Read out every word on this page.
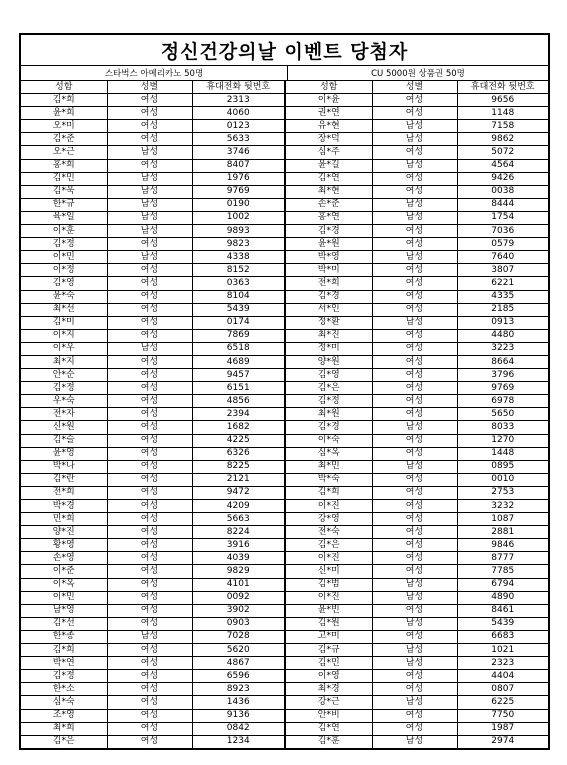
정신건강의날 이벤트 당첨자
스타벅스 아메리카노 50명	CU 5000원 상품권 50명
성함	성별	휴대전화 뒷번호	성함	성별	휴대전화 뒷번호
김*희	여성	2313	이*윤	여성	9656
윤*희	여성	4060	권*연	여성	1148
오*미	여성	0123	유*현	남성	7158
김*준	여성	5633	장*덕	남성	9862
오*근	남성	3746	심*주	여성	5072
홍*희	여성	8407	윤*길	남성	4564
김*민	남성	1976	김*연	여성	9426
김*욱	남성	9769	최*현	여성	0038
한*규	남성	0190	손*준	남성	8444
육*일	남성	1002	홍*연	남성	1754
이*훈	남성	9893	김*경	여성	7036
김*정	여성	9823	윤*원	여성	0579
이*민	남성	4338	박*영	남성	7640
이*정	여성	8152	박*미	여성	3807
김*영	여성	0363	전*희	여성	6221
윤*숙	여성	8104	김*경	여성	4335
최*선	여성	5439	서*인	여성	2185
김*미	여성	0174	정*환	남성	0913
이*지	여성	7869	최*진	여성	4480
이*우	남성	6518	정*미	여성	3223
최*지	여성	4689	양*원	여성	8664
안*순	여성	9457	김*영	여성	3796
김*정	여성	6151	김*은	여성	9769
우*숙	여성	4856	김*정	여성	6978
전*자	여성	2394	최*원	여성	5650
신*원	여성	1682	김*경	남성	8033
김*슬	여성	4225	이*숙	여성	1270
윤*영	여성	6326	심*옥	여성	1448
박*나	여성	8225	최*민	남성	0895
김*란	여성	2121	박*숙	여성	0010
전*희	여성	9472	김*희	여성	2753
박*경	여성	4209	이*진	여성	3232
민*희	여성	5663	강*영	여성	1087
양*진	여성	8224	전*숙	여성	2881
황*영	여성	3916	김*은	여성	9846
손*영	여성	4039	이*진	여성	8777
이*준	여성	9829	신*미	여성	7785
이*옥	여성	4101	김*범	남성	6794
이*민	여성	0092	이*진	남성	4890
남*영	여성	3902	윤*빈	여성	8461
김*선	여성	0903	김*원	남성	5439
한*종	남성	7028	고*미	여성	6683
김*희	여성	5620	김*규	남성	1021
박*연	여성	4867	김*민	남성	2323
김*정	여성	6596	이*영	여성	4404
한*소	여성	8923	최*경	여성	0807
심*숙	여성	1436	강*근	남성	6225
조*영	여성	9136	안*비	여성	7750
최*희	여성	0842	김*연	여성	1987
김*은	여성	1234	김*훈	남성	2974
